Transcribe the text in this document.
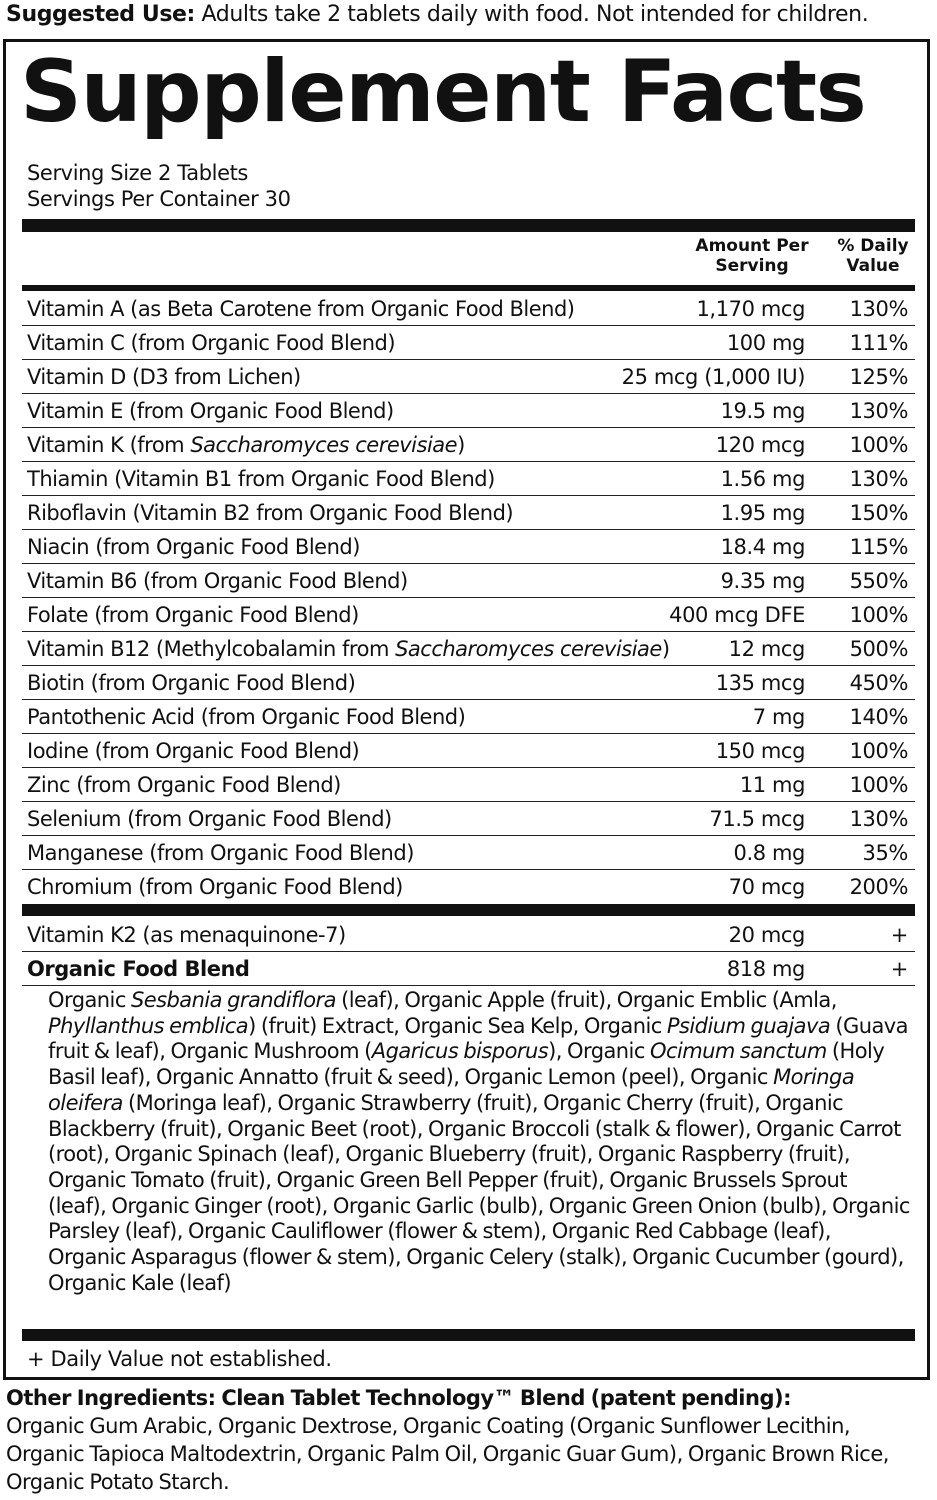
Suggested Use: Adults take 2 tablets daily with food. Not intended for children.
Supplement Facts
Serving Size 2 Tablets
Servings Per Container 30
Amount Per Serving
% Daily Value
Vitamin A (as Beta Carotene from Organic Food Blend)	1,170 mcg 130%
Vitamin C (from Organic Food Blend)	100 mg 111%
Vitamin D (D3 from Lichen)	25 mcg (1,000 IU) 125%
Vitamin E (from Organic Food Blend)	19.5 mg 130%
Vitamin K (from Saccharomyces cerevisiae)	120 mcg 100%
Thiamin (Vitamin B1 from Organic Food Blend)	1.56 mg 130%
Riboflavin (Vitamin B2 from Organic Food Blend)	1.95 mg 150%
Niacin (from Organic Food Blend)	18.4 mg 115%
Vitamin B6 (from Organic Food Blend)	9.35 mg 550%
Folate (from Organic Food Blend)	400 mcg DFE 100%
Vitamin B12 (Methylcobalamin from Saccharomyces cerevisiae)	12 mcg 500%
Biotin (from Organic Food Blend)	135 mcg 450%
Pantothenic Acid (from Organic Food Blend)	7 mg 140%
Iodine (from Organic Food Blend)	150 mcg 100%
Zinc (from Organic Food Blend)	11 mg 100%
Selenium (from Organic Food Blend)	71.5 mcg 130%
Manganese (from Organic Food Blend)	0.8 mg	35%
Chromium (from Organic Food Blend)	70 mcg 200%
Vitamin K2 (as menaquinone-7)	20 mcg	+
Organic Food Blend	818 mg	+
Organic Sesbania grandiflora (leaf), Organic Apple (fruit), Organic Emblic (Amla, Phyllanthus emblica) (fruit) Extract, Organic Sea Kelp, Organic Psidium guajava (Guava fruit & leaf), Organic Mushroom (Agaricus bisporus), Organic Ocimum sanctum (Holy Basil leaf), Organic Annatto (fruit & seed), Organic Lemon (peel), Organic Moringa oleifera (Moringa leaf), Organic Strawberry (fruit), Organic Cherry (fruit), Organic Blackberry (fruit), Organic Beet (root), Organic Broccoli (stalk & flower), Organic Carrot (root), Organic Spinach (leaf), Organic Blueberry (fruit), Organic Raspberry (fruit), Organic Tomato (fruit), Organic Green Bell Pepper (fruit), Organic Brussels Sprout (leaf), Organic Ginger (root), Organic Garlic (bulb), Organic Green Onion (bulb), Organic Parsley (leaf), Organic Cauliflower (flower & stem), Organic Red Cabbage (leaf), Organic Asparagus (flower & stem), Organic Celery (stalk), Organic Cucumber (gourd), Organic Kale (leaf)
+ Daily Value not established.
Other Ingredients: Clean Tablet Technology™ Blend (patent pending):
Organic Gum Arabic, Organic Dextrose, Organic Coating (Organic Sunflower Lecithin, Organic Tapioca Maltodextrin, Organic Palm Oil, Organic Guar Gum), Organic Brown Rice, Organic Potato Starch.
